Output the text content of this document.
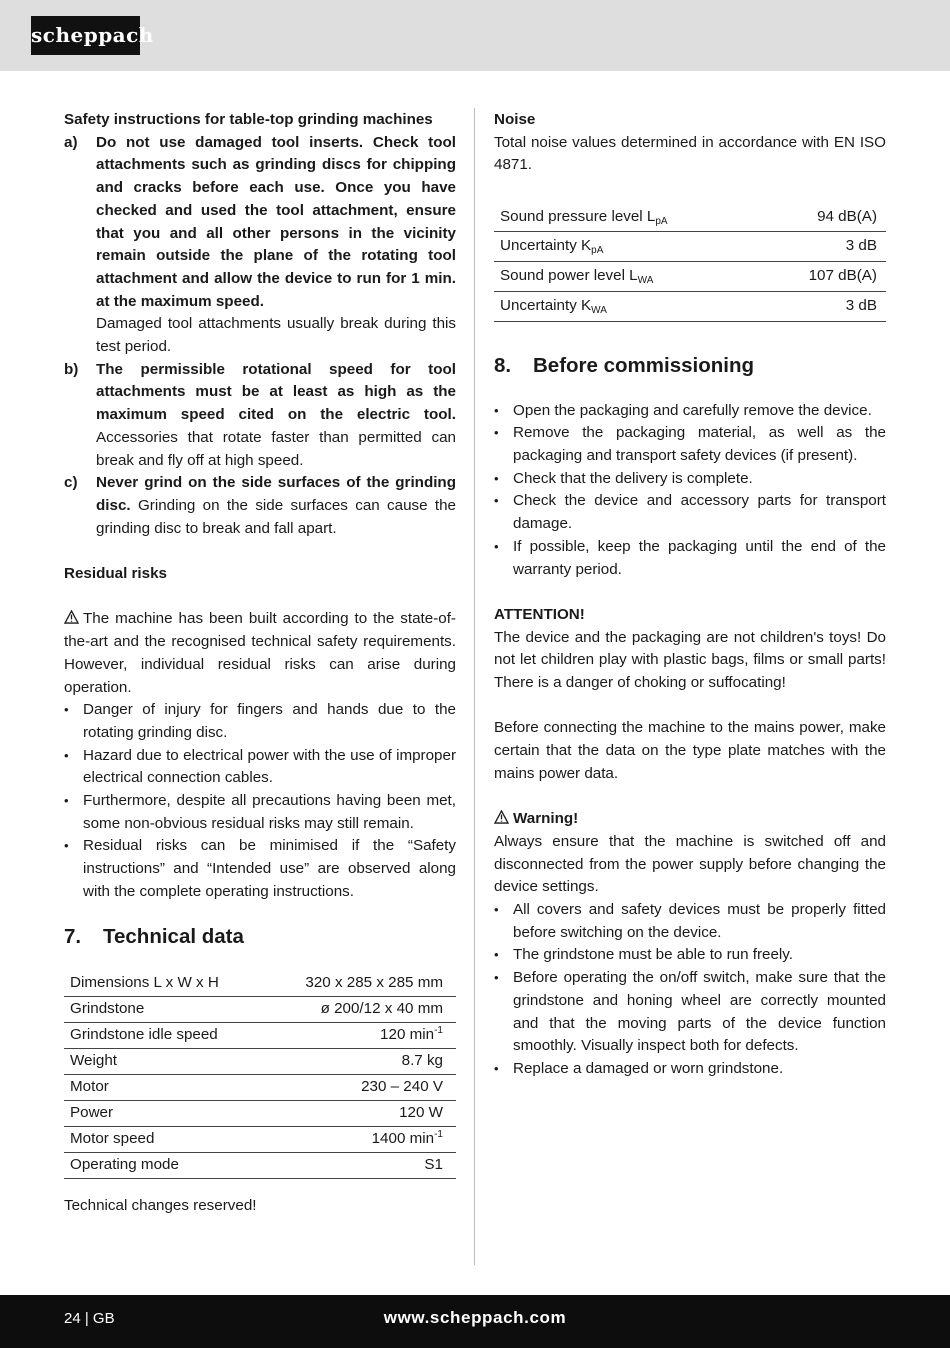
scheppach
Safety instructions for table-top grinding machines
a) Do not use damaged tool inserts. Check tool attachments such as grinding discs for chipping and cracks before each use. Once you have checked and used the tool attachment, ensure that you and all other persons in the vicinity remain outside the plane of the rotating tool attachment and allow the device to run for 1 min. at the maximum speed.
Damaged tool attachments usually break during this test period.
b) The permissible rotational speed for tool attachments must be at least as high as the maximum speed cited on the electric tool. Accessories that rotate faster than permitted can break and fly off at high speed.
c) Never grind on the side surfaces of the grinding disc. Grinding on the side surfaces can cause the grinding disc to break and fall apart.
Residual risks
The machine has been built according to the state-of-the-art and the recognised technical safety requirements. However, individual residual risks can arise during operation.
• Danger of injury for fingers and hands due to the rotating grinding disc.
• Hazard due to electrical power with the use of improper electrical connection cables.
• Furthermore, despite all precautions having been met, some non-obvious residual risks may still remain.
• Residual risks can be minimised if the “Safety instructions” and “Intended use” are observed along with the complete operating instructions.
7.	Technical data
Dimensions L x W x H	320 x 285 x 285 mm
Grindstone	ø 200/12 x 40 mm
Grindstone idle speed	120 $\min^{-1}$
Weight	8.7 kg
Motor	230 – 240 V
Power	120 W
Motor speed	1400 $\min^{-1}$
Operating mode	S1
Technical changes reserved!
Noise
Total noise values determined in accordance with EN ISO 4871.
Sound pressure level $L_{pA}$	94 dB(A)
Uncertainty $K_{pA}$	3 dB
Sound power level $L_{WA}$	107 dB(A)
Uncertainty $K_{WA}$	3 dB
8.	Before commissioning
• Open the packaging and carefully remove the device.
• Remove the packaging material, as well as the packaging and transport safety devices (if present).
• Check that the delivery is complete.
• Check the device and accessory parts for transport damage.
• If possible, keep the packaging until the end of the warranty period.
ATTENTION!
The device and the packaging are not children's toys! Do not let children play with plastic bags, films or small parts! There is a danger of choking or suffocating!
Before connecting the machine to the mains power, make certain that the data on the type plate matches with the mains power data.
Warning!
Always ensure that the machine is switched off and disconnected from the power supply before changing the device settings.
• All covers and safety devices must be properly fitted before switching on the device.
• The grindstone must be able to run freely.
• Before operating the on/off switch, make sure that the grindstone and honing wheel are correctly mounted and that the moving parts of the device function smoothly. Visually inspect both for defects.
• Replace a damaged or worn grindstone.
24 | GB	www.scheppach.com
